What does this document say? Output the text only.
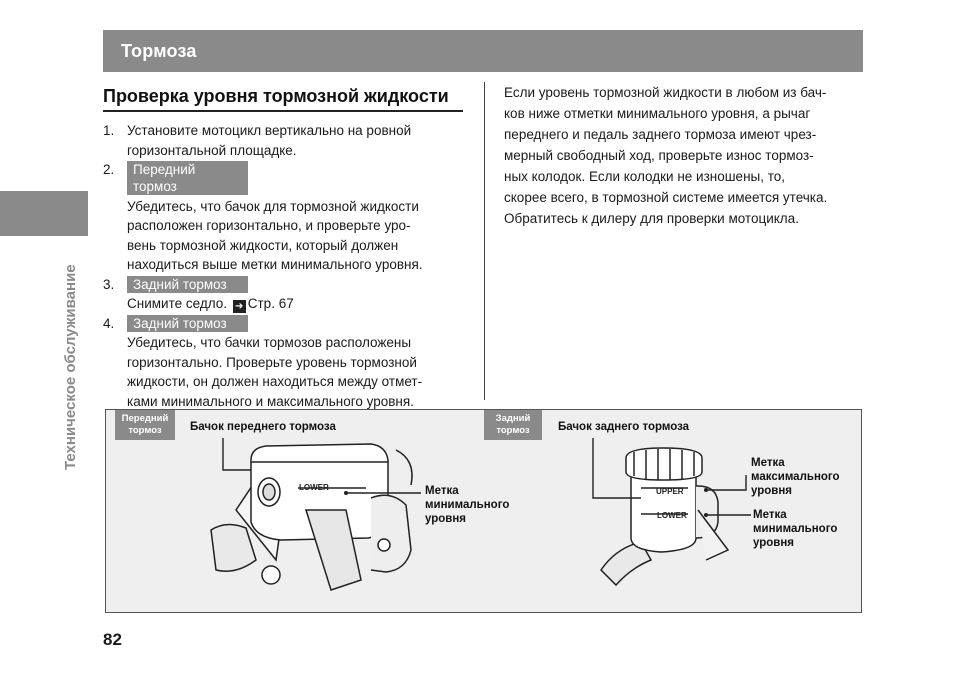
Тормоза
Техническое обслуживание
Проверка уровня тормозной жидкости
1. Установите мотоцикл вертикально на ровной
горизонтальной площадке.
2.	Передний тормоз
Убедитесь, что бачок для тормозной жидкости
расположен горизонтально, и проверьте уро-
вень тормозной жидкости, который должен
находиться выше метки минимального уровня.
3.	Задний тормоз
Снимите седло. ➔ Стр. 67
4.	Задний тормоз
Убедитесь, что бачки тормозов расположены
горизонтально. Проверьте уровень тормозной
жидкости, он должен находиться между отмет-
ками минимального и максимального уровня.

Если уровень тормозной жидкости в любом из бач-

ков ниже отметки минимального уровня, а рычаг

переднего и педаль заднего тормоза имеют чрез-

мерный свободный ход, проверьте износ тормоз-

ных колодок. Если колодки не изношены, то,

скорее всего, в тормозной системе имеется утечка.

Обратитесь к дилеру для проверки мотоцикла.

LOWER	UPPER
LOWER
Передний
тормоз	Бачок переднего тормоза
Метка
минимального
уровня
Задний
тормоз	Бачок заднего тормоза
Метка
максимального
уровня
Метка
минимального
уровня
82
